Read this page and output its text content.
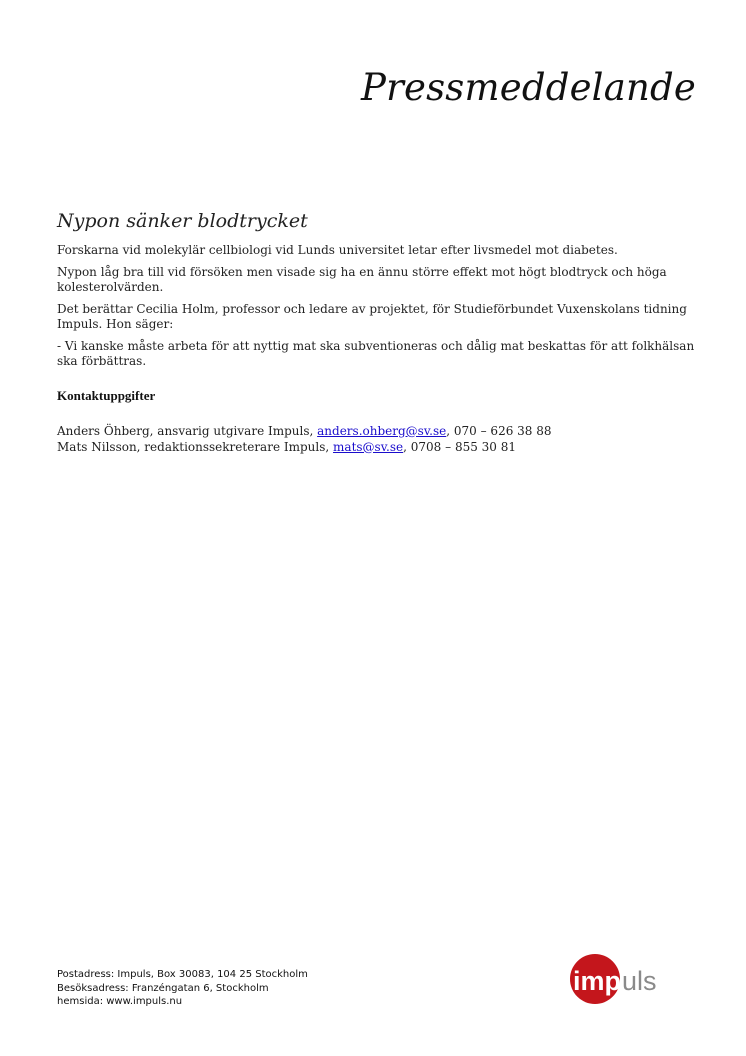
Pressmeddelande
Nypon sänker blodtrycket

Forskarna vid molekylär cellbiologi vid Lunds universitet letar efter livsmedel mot diabetes.

Nypon låg bra till vid försöken men visade sig ha en ännu större effekt mot högt blodtryck och höga kolesterolvärden.

Det berättar Cecilia Holm, professor och ledare av projektet, för Studieförbundet Vuxenskolans tidning Impuls. Hon säger:

- Vi kanske måste arbeta för att nyttig mat ska subventioneras och dålig mat beskattas för att folkhälsan ska förbättras.

Kontaktuppgifter

Anders Öhberg, ansvarig utgivare Impuls, anders.ohberg@sv.se, 070 – 626 38 88

Mats Nilsson, redaktionssekreterare Impuls, mats@sv.se, 0708 – 855 30 81

Postadress: Impuls, Box 30083, 104 25 Stockholm
Besöksadress: Franzéngatan 6, Stockholm
hemsida: www.impuls.nu
imp uls
